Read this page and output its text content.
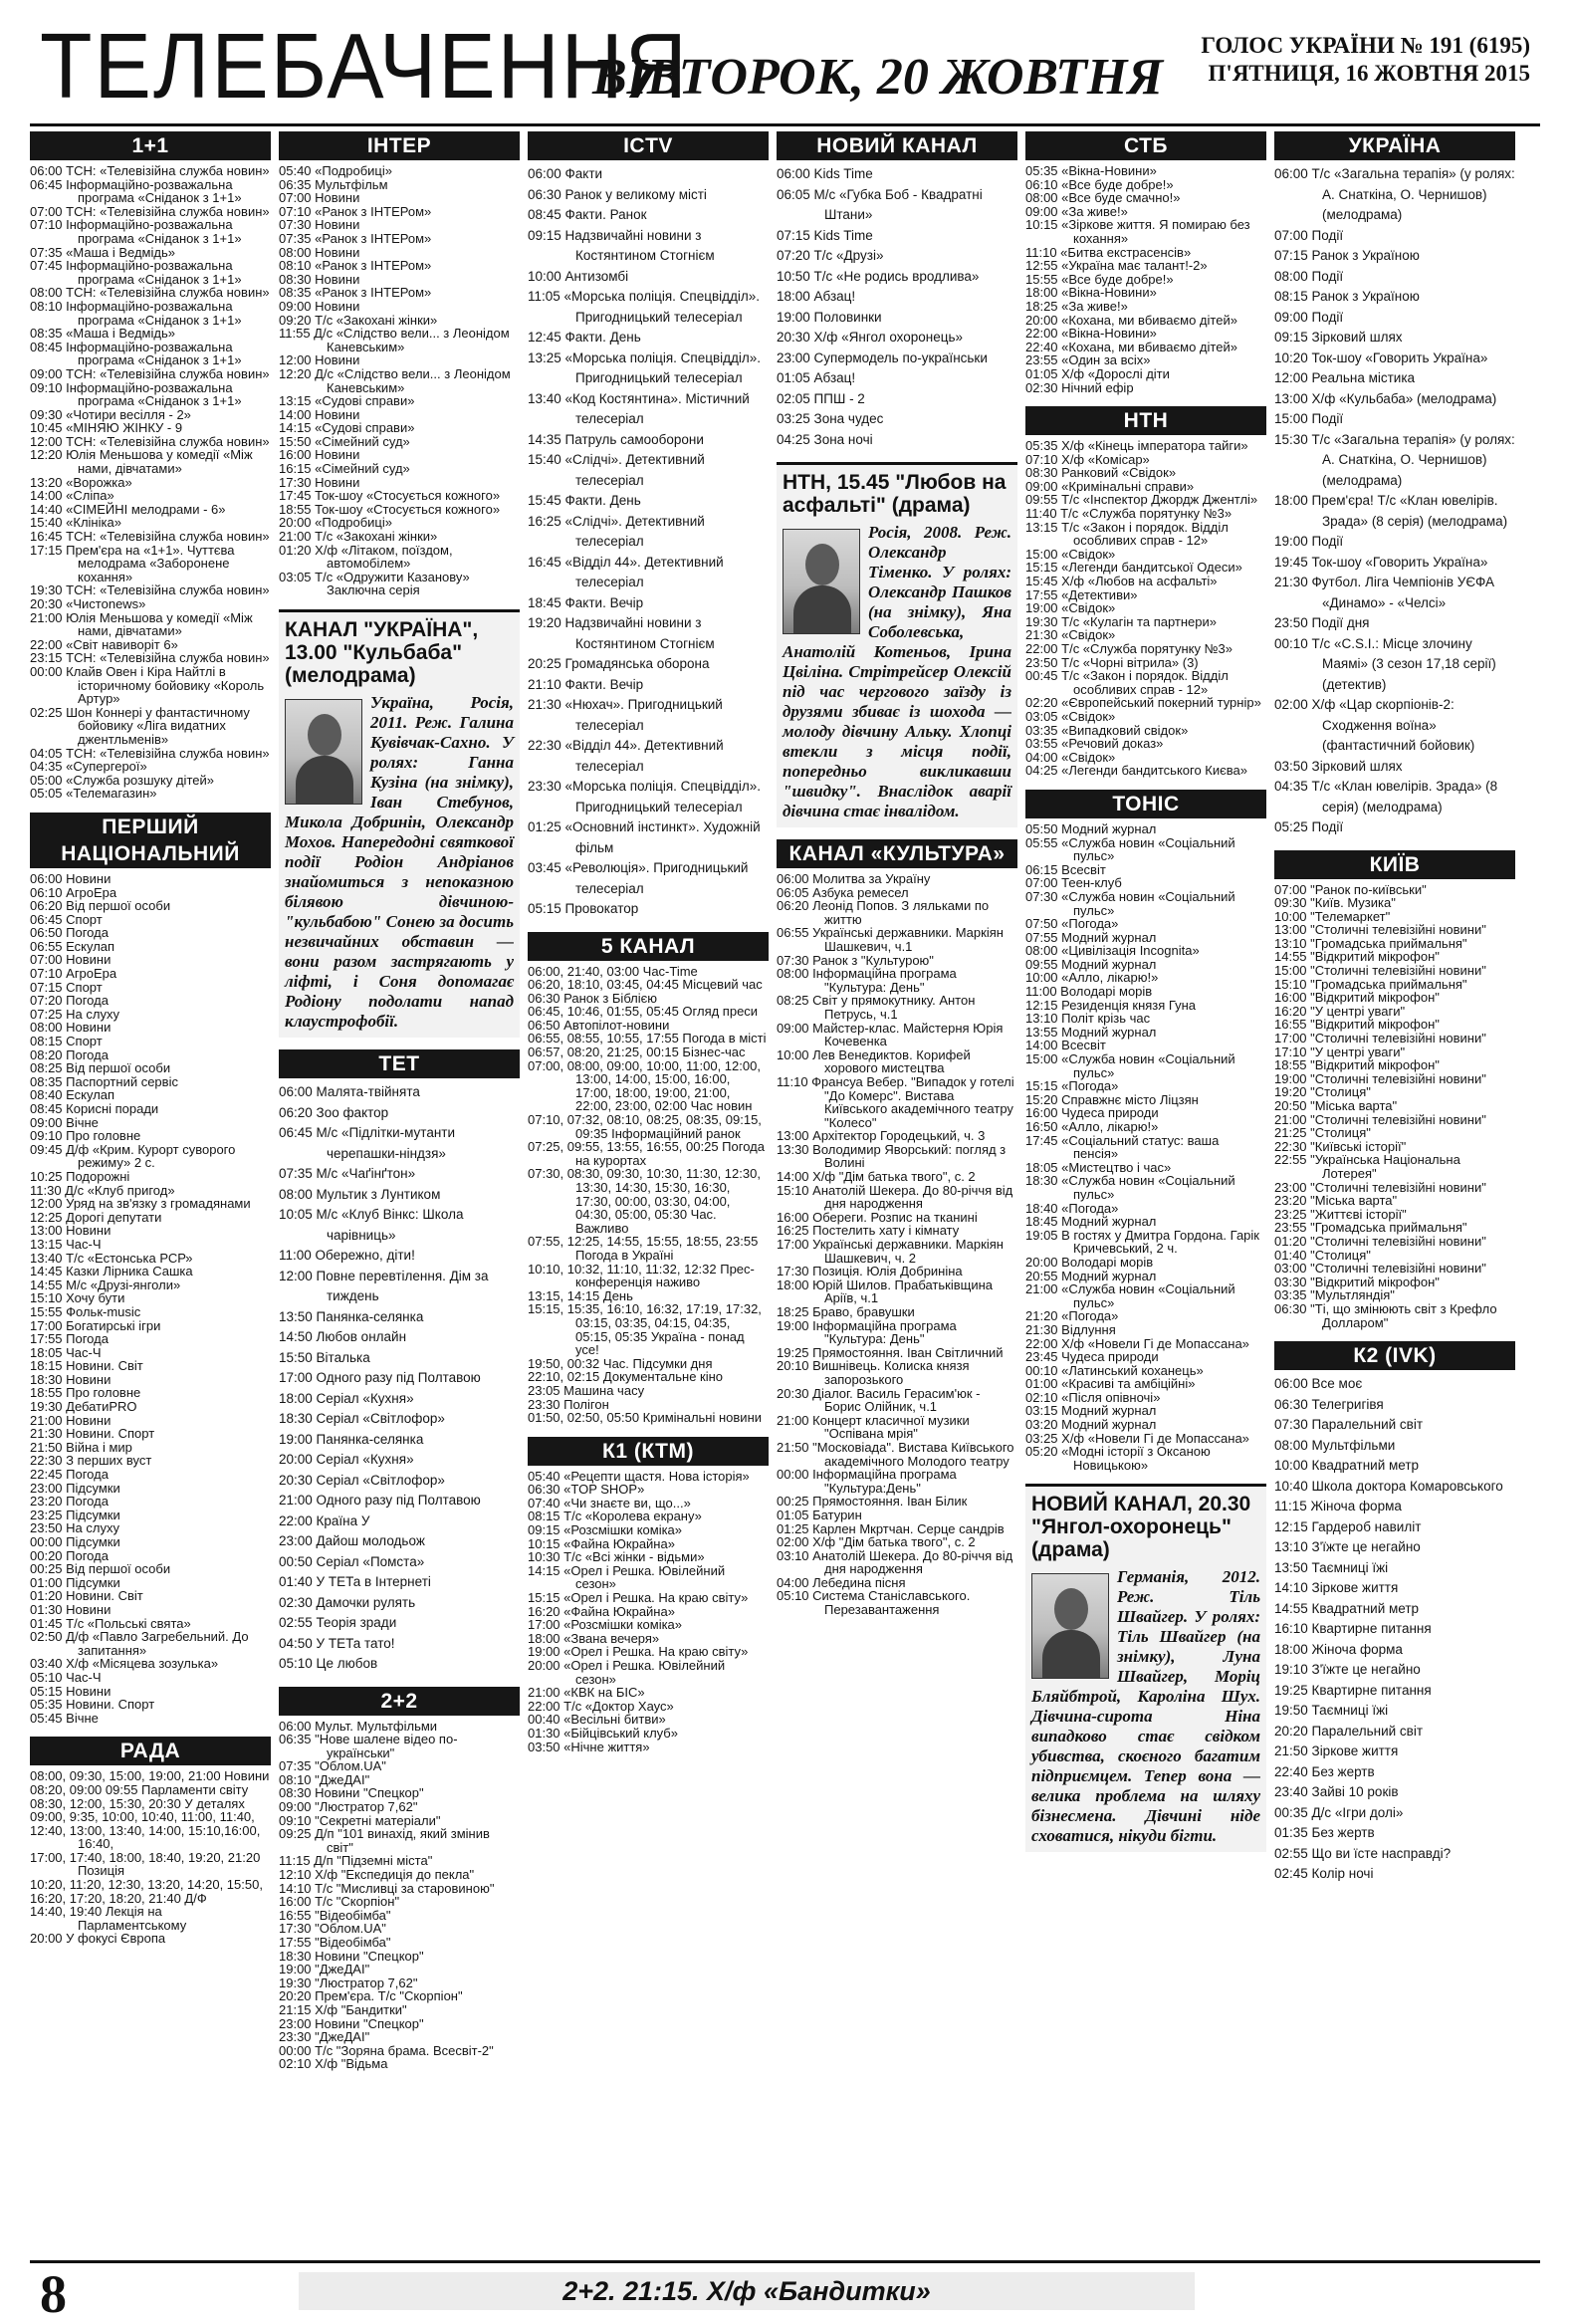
ТЕЛЕБАЧЕННЯ
ВІВТОРОК, 20 ЖОВТНЯ
ГОЛОС УКРАЇНИ № 191 (6195)
П'ЯТНИЦЯ, 16 ЖОВТНЯ 2015
1+1
06:00 ТСН: «Телевізійна служба новин»
06:45 Інформаційно-розважальна програма «Сніданок з 1+1»
07:00 ТСН: «Телевізійна служба новин»
07:10 Інформаційно-розважальна програма «Сніданок з 1+1»
07:35 «Маша і Ведмідь»
07:45 Інформаційно-розважальна програма «Сніданок з 1+1»
08:00 ТСН: «Телевізійна служба новин»
08:10 Інформаційно-розважальна програма «Сніданок з 1+1»
08:35 «Маша і Ведмідь»
08:45 Інформаційно-розважальна програма «Сніданок з 1+1»
09:00 ТСН: «Телевізійна служба новин»
09:10 Інформаційно-розважальна програма «Сніданок з 1+1»
09:30 «Чотири весілля - 2»
10:45 «МІНЯЮ ЖІНКУ - 9
12:00 ТСН: «Телевізійна служба новин»
12:20 Юлія Меньшова у комедії «Між нами, дівчатами»
13:20 «Ворожка»
14:00 «Сліпа»
14:40 «СІМЕЙНІ мелодрами - 6»
15:40 «Клініка»
16:45 ТСН: «Телевізійна служба новин»
17:15 Прем'єра на «1+1». Чуттєва мелодрама «Заборонене кохання»
19:30 ТСН: «Телевізійна служба новин»
20:30 «Чистоnews»
21:00 Юлія Меньшова у комедії «Між нами, дівчатами»
22:00 «Світ навиворіт 6»
23:15 ТСН: «Телевізійна служба новин»
00:00 Клайв Овен і Кіра Найтлі в історичному бойовику «Король Артур»
02:25 Шон Коннері у фантастичному бойовику «Ліга видатних джентльменів»
04:05 ТСН: «Телевізійна служба новин»
04:35 «Супергерої»
05:00 «Служба розшуку дітей»
05:05 «Телемагазин»
ПЕРШИЙ НАЦІОНАЛЬНИЙ
06:00 Новини
06:10 АгроЕра
06:20 Від першої особи
06:45 Спорт
06:50 Погода
06:55 Ескулап
07:00 Новини
07:10 АгроЕра
07:15 Спорт
07:20 Погода
07:25 На слуху
08:00 Новини
08:15 Спорт
08:20 Погода
08:25 Від першої особи
08:35 Паспортний сервіс
08:40 Ескулап
08:45 Корисні поради
09:00 Вічне
09:10 Про головне
09:45 Д/ф «Крим. Курорт суворого режиму» 2 с.
10:25 Подорожні
11:30 Д/с «Клуб пригод»
12:00 Уряд на зв'язку з громадянами
12:25 Дорогі депутати
13:00 Новини
13:15 Час-Ч
13:40 Т/с «Естонська РСР»
14:45 Казки Лірника Сашка
14:55 М/с «Друзі-янголи»
15:10 Хочу бути
15:55 Фольк-music
17:00 Богатирські ігри
17:55 Погода
18:05 Час-Ч
18:15 Новини. Світ
18:30 Новини
18:55 Про головне
19:30 ДебатиPRO
21:00 Новини
21:30 Новини. Спорт
21:50 Війна і мир
22:30 З перших вуст
22:45 Погода
23:00 Підсумки
23:20 Погода
23:25 Підсумки
23:50 На слуху
00:00 Підсумки
00:20 Погода
00:25 Від першої особи
01:00 Підсумки
01:20 Новини. Світ
01:30 Новини
01:45 Т/с «Польські свята»
02:50 Д/ф «Павло Загребельний. До запитання»
03:40 Х/ф «Місяцева зозулька»
05:10 Час-Ч
05:15 Новини
05:35 Новини. Спорт
05:45 Вічне
РАДА
08:00, 09:30, 15:00, 19:00, 21:00 Новини
08:20, 09:00 09:55 Парламенти світу
08:30, 12:00, 15:30, 20:30 У деталях
09:00, 9:35, 10:00, 10:40, 11:00, 11:40,
12:40, 13:00, 13:40, 14:00, 15:10,16:00, 16:40,
17:00, 17:40, 18:00, 18:40, 19:20, 21:20 Позиція
10:20, 11:20, 12:30, 13:20, 14:20, 15:50,
16:20, 17:20, 18:20, 21:40 Д/Ф
14:40, 19:40 Лекція на Парламентському
20:00 У фокусі Європа
ІНТЕР
05:40 «Подробиці»
06:35 Мультфільм
07:00 Новини
07:10 «Ранок з ІНТЕРом»
07:30 Новини
07:35 «Ранок з ІНТЕРом»
08:00 Новини
08:10 «Ранок з ІНТЕРом»
08:30 Новини
08:35 «Ранок з ІНТЕРом»
09:00 Новини
09:20 Т/с «Закохані жінки»
11:55 Д/с «Слідство вели... з Леонідом Каневським»
12:00 Новини
12:20 Д/с «Слідство вели... з Леонідом Каневським»
13:15 «Судові справи»
14:00 Новини
14:15 «Судові справи»
15:50 «Сімейний суд»
16:00 Новини
16:15 «Сімейний суд»
17:30 Новини
17:45 Ток-шоу «Стосується кожного»
18:55 Ток-шоу «Стосується кожного»
20:00 «Подробиці»
21:00 Т/с «Закохані жінки»
01:20 Х/ф «Літаком, поїздом, автомобілем»
03:05 Т/с «Одружити Казанову» Заключна серія
КАНАЛ "УКРАЇНА", 13.00 "Кульбаба" (мелодрама)
Україна, Росія, 2011. Реж. Галина Кувівчак-Сахно. У ролях: Ганна Кузіна (на знімку), Іван Стебунов, Микола Добринін, Олександр Мохов. Напередодні святкової події Родіон Андріанов знайомиться з непоказною білявою дівчиною-"кульбабою" Сонею за досить незвичайних обставин — вони разом застрягають у ліфті, і Соня допомагає Родіону подолати напад клаустрофобії.
ТЕТ
06:00 Малята-твійнята
06:20 Зоо фактор
06:45 М/с «Підлітки-мутанти черепашки-ніндзя»
07:35 М/с «Чаґінґтон»
08:00 Мультик з Лунтиком
10:05 М/с «Клуб Вінкс: Школа чарівниць»
11:00 Обережно, діти!
12:00 Повне перевтілення. Дім за тиждень
13:50 Панянка-селянка
14:50 Любов онлайн
15:50 Віталька
17:00 Одного разу під Полтавою
18:00 Серіал «Кухня»
18:30 Серіал «Світлофор»
19:00 Панянка-селянка
20:00 Серіал «Кухня»
20:30 Серіал «Світлофор»
21:00 Одного разу під Полтавою
22:00 Країна У
23:00 Дайош молодьож
00:50 Серіал «Помста»
01:40 У ТЕТа в Інтернеті
02:30 Дамочки рулять
02:55 Теорія зради
04:50 У ТЕТа тато!
05:10 Це любов
2+2
06:00 Мульт. Мультфільми
06:35 "Нове шалене відео по-українськи"
07:35 "Облом.UA"
08:10 "ДжеДАІ"
08:30 Новини "Спецкор"
09:00 "Люстратор 7,62"
09:10 "Секретні матеріали"
09:25 Д/п "101 винахід, який змінив світ"
11:15 Д/п "Підземні міста"
12:10 Х/ф "Експедиція до пекла"
14:10 Т/с "Мисливці за старовиною"
16:00 Т/с "Скорпіон"
16:55 "Відеобімба"
17:30 "Облом.UA"
17:55 "Відеобімба"
18:30 Новини "Спецкор"
19:00 "ДжеДАІ"
19:30 "Люстратор 7,62"
20:20 Прем'єра. Т/с "Скорпіон"
21:15 Х/ф "Бандитки"
23:00 Новини "Спецкор"
23:30 "ДжеДАІ"
00:00 Т/с "Зоряна брама. Всесвіт-2"
02:10 Х/ф "Відьма
ICTV
06:00 Факти
06:30 Ранок у великому місті
08:45 Факти. Ранок
09:15 Надзвичайні новини з Костянтином Стогнієм
10:00 Антизомбі
11:05 «Морська поліція. Спецвідділ». Пригодницький телесеріал
12:45 Факти. День
13:25 «Морська поліція. Спецвідділ». Пригодницький телесеріал
13:40 «Код Костянтина». Містичний телесеріал
14:35 Патруль самооборони
15:40 «Слідчі». Детективний телесеріал
15:45 Факти. День
16:25 «Слідчі». Детективний телесеріал
16:45 «Відділ 44». Детективний телесеріал
18:45 Факти. Вечір
19:20 Надзвичайні новини з Костянтином Стогнієм
20:25 Громадянська оборона
21:10 Факти. Вечір
21:30 «Нюхач». Пригодницький телесеріал
22:30 «Відділ 44». Детективний телесеріал
23:30 «Морська поліція. Спецвідділ». Пригодницький телесеріал
01:25 «Основний інстинкт». Художній фільм
03:45 «Революція». Пригодницький телесеріал
05:15 Провокатор
5 КАНАЛ
06:00, 21:40, 03:00 Час-Time
06:20, 18:10, 03:45, 04:45 Місцевий час
06:30 Ранок з Біблією
06:45, 10:46, 01:55, 05:45 Огляд преси
06:50 Автопілот-новини
06:55, 08:55, 10:55, 17:55 Погода в місті
06:57, 08:20, 21:25, 00:15 Бізнес-час
07:00, 08:00, 09:00, 10:00, 11:00, 12:00, 13:00, 14:00, 15:00, 16:00, 17:00, 18:00, 19:00, 21:00, 22:00, 23:00, 02:00 Час новин
07:10, 07:32, 08:10, 08:25, 08:35, 09:15, 09:35 Інформаційний ранок
07:25, 09:55, 13:55, 16:55, 00:25 Погода на курортах
07:30, 08:30, 09:30, 10:30, 11:30, 12:30, 13:30, 14:30, 15:30, 16:30, 17:30, 00:00, 03:30, 04:00, 04:30, 05:00, 05:30 Час. Важливо
07:55, 12:25, 14:55, 15:55, 18:55, 23:55 Погода в Україні
10:10, 10:32, 11:10, 11:32, 12:32 Прес-конференція наживо
13:15, 14:15 День
15:15, 15:35, 16:10, 16:32, 17:19, 17:32, 03:15, 03:35, 04:15, 04:35, 05:15, 05:35 Україна - понад усе!
19:50, 00:32 Час. Підсумки дня
22:10, 02:15 Документальне кіно
23:05 Машина часу
23:30 Полігон
01:50, 02:50, 05:50 Кримінальні новини
К1 (КТМ)
05:40 «Рецепти щастя. Нова історія»
06:30 «TOP SHOP»
07:40 «Чи знаєте ви, що...»
08:15 Т/с «Королева екрану»
09:15 «Розсмішки коміка»
10:15 «Файна Юкрайна»
10:30 Т/с «Всі жінки - відьми»
14:15 «Орел і Решка. Ювілейний сезон»
15:15 «Орел і Решка. На краю світу»
16:20 «Файна Юкрайна»
17:00 «Розсмішки коміка»
18:00 «Звана вечеря»
19:00 «Орел і Решка. На краю світу»
20:00 «Орел і Решка. Ювілейний сезон»
21:00 «КВК на БІС»
22:00 Т/с «Доктор Хаус»
00:40 «Весільні битви»
01:30 «Бійцівський клуб»
03:50 «Нічне життя»
НОВИЙ КАНАЛ
06:00 Kids Time
06:05 М/с «Губка Боб - Квадратні Штани»
07:15 Kids Time
07:20 Т/с «Друзі»
10:50 Т/с «Не родись вродлива»
18:00 Абзац!
19:00 Половинки
20:30 Х/ф «Янгол охоронець»
23:00 Супермодель по-українськи
01:05 Абзац!
02:05 ППШ - 2
03:25 Зона чудес
04:25 Зона ночі
НТН, 15.45 "Любов на асфальті" (драма)
Росія, 2008. Реж. Олександр Тіменко. У ролях: Олександр Пашков (на знімку), Яна Соболевська, Анатолій Котеньов, Ірина Цвіліна. Стрітрейсер Олексій під час чергового заїзду із друзями збиває із шохода — молоду дівчину Альку. Хлопці втекли з місця події, попередньо викликавши "швидку". Внаслідок аварії дівчина стає інвалідом.
КАНАЛ «КУЛЬТУРА»
06:00 Молитва за Україну
06:05 Азбука ремесел
06:20 Леонід Попов. З ляльками по життю
06:55 Українські державники. Маркіян Шашкевич, ч.1
07:30 Ранок з "Культурою"
08:00 Інформаційна програма "Культура: День"
08:25 Світ у прямокутнику. Антон Петрусь, ч.1
09:00 Майстер-клас. Майстерня Юрія Кочевенка
10:00 Лев Венедиктов. Корифей хорового мистецтва
11:10 Франсуа Вебер. "Випадок у готелі "До Комерс". Вистава Київського академічного театру "Колесо"
13:00 Архітектор Городецький, ч. 3
13:30 Володимир Яворський: погляд з Волині
14:00 Х/ф "Дім батька твого", с. 2
15:10 Анатолій Шекера. До 80-річчя від дня народження
16:00 Обереги. Розпис на тканині
16:25 Постелить хату і кімнату
17:00 Українські державники. Маркіян Шашкевич, ч. 2
17:30 Позиція. Юлія Добриніна
18:00 Юрій Шилов. Прабатьківщина Аріїв, ч.1
18:25 Браво, бравушки
19:00 Інформаційна програма "Культура: День"
19:25 Прямостояння. Іван Світличний
20:10 Вишнівець. Колиска князя запорозького
20:30 Діалог. Василь Герасим'юк - Борис Олійник, ч.1
21:00 Концерт класичної музики "Оспівана мрія"
21:50 "Московіада". Вистава Київського академічного Молодого театру
00:00 Інформаційна програма "Культура:День"
00:25 Прямостояння. Іван Білик
01:05 Батурин
01:25 Карлен Мкртчан. Серце сандрів
02:00 Х/ф "Дім батька твого", с. 2
03:10 Анатолій Шекера. До 80-річчя від дня народження
04:00 Лебедина пісня
05:10 Система Станіславського. Перезавантаження
СТБ
05:35 «Вікна-Новини»
06:10 «Все буде добре!»
08:00 «Все буде смачно!»
09:00 «За живе!»
10:15 «Зіркове життя. Я помираю без кохання»
11:10 «Битва екстрасенсів»
12:55 «Україна має талант!-2»
15:55 «Все буде добре!»
18:00 «Вікна-Новини»
18:25 «За живе!»
20:00 «Кохана, ми вбиваємо дітей»
22:00 «Вікна-Новини»
22:40 «Кохана, ми вбиваємо дітей»
23:55 «Один за всіх»
01:05 Х/ф «Дорослі діти
02:30 Нічний ефір
НТН
05:35 Х/ф «Кінець імператора тайги»
07:10 Х/ф «Комісар»
08:30 Ранковий «Свідок»
09:00 «Кримінальні справи»
09:55 Т/с «Інспектор Джордж Джентлі»
11:40 Т/с «Служба порятунку №3»
13:15 Т/с «Закон і порядок. Відділ особливих справ - 12»
15:00 «Свідок»
15:15 «Легенди бандитської Одеси»
15:45 Х/ф «Любов на асфальті»
17:55 «Детективи»
19:00 «Свідок»
19:30 Т/с «Кулагін та партнери»
21:30 «Свідок»
22:00 Т/с «Служба порятунку №3»
23:50 Т/с «Чорні вітрила» (3)
00:45 Т/с «Закон і порядок. Відділ особливих справ - 12»
02:20 «Європейський покерний турнір»
03:05 «Свідок»
03:35 «Випадковий свідок»
03:55 «Речовий доказ»
04:00 «Свідок»
04:25 «Легенди бандитського Києва»
ТОНІС
05:50 Модний журнал
05:55 «Служба новин «Соціальний пульс»
06:15 Всесвіт
07:00 Теен-клуб
07:30 «Служба новин «Соціальний пульс»
07:50 «Погода»
07:55 Модний журнал
08:00 «Цивілізація Incognita»
09:55 Модний журнал
10:00 «Алло, лікарю!»
11:00 Володарі морів
12:15 Резиденція князя Гуна
13:10 Політ крізь час
13:55 Модний журнал
14:00 Всесвіт
15:00 «Служба новин «Соціальний пульс»
15:15 «Погода»
15:20 Справжнє місто Ліцзян
16:00 Чудеса природи
16:50 «Алло, лікарю!»
17:45 «Соціальний статус: ваша пенсія»
18:05 «Мистецтво і час»
18:30 «Служба новин «Соціальний пульс»
18:40 «Погода»
18:45 Модний журнал
19:05 В гостях у Дмитра Гордона. Гарік Кричевський, 2 ч.
20:00 Володарі морів
20:55 Модний журнал
21:00 «Служба новин «Соціальний пульс»
21:20 «Погода»
21:30 Відлуння
22:00 Х/ф «Новели Гі де Мопассана»
23:45 Чудеса природи
00:10 «Латинський коханець»
01:00 «Красиві та амбіційні»
02:10 «Після опівночі»
03:15 Модний журнал
03:20 Модний журнал
03:25 Х/ф «Новели Гі де Мопассана»
05:20 «Модні історії з Оксаною Новицькою»
НОВИЙ КАНАЛ, 20.30 "Янгол-охоронець" (драма)
Германія, 2012. Реж. Тіль Швайгер. У ролях: Тіль Швайгер (на знімку), Луна Швайгер, Моріц Бляйбтрой, Кароліна Шух. Дівчина-сирота Ніна випадково стає свідком убивства, скоєного багатим підприємцем. Тепер вона — велика проблема на шляху бізнесмена. Дівчині ніде сховатися, нікуди бігти.
УКРАЇНА
06:00 Т/с «Загальна терапія» (у ролях: А. Снаткіна, О. Чернишов) (мелодрама)
07:00 Події
07:15 Ранок з Україною
08:00 Події
08:15 Ранок з Україною
09:00 Події
09:15 Зірковий шлях
10:20 Ток-шоу «Говорить Україна»
12:00 Реальна містика
13:00 Х/ф «Кульбаба» (мелодрама)
15:00 Події
15:30 Т/с «Загальна терапія» (у ролях: А. Снаткіна, О. Чернишов) (мелодрама)
18:00 Прем'єра! Т/с «Клан ювелірів. Зрада» (8 серія) (мелодрама)
19:00 Події
19:45 Ток-шоу «Говорить Україна»
21:30 Футбол. Ліга Чемпіонів УЄФА «Динамо» - «Челсі»
23:50 Події дня
00:10 Т/с «C.S.I.: Місце злочину Маямі» (3 сезон 17,18 серії) (детектив)
02:00 Х/ф «Цар скорпіонів-2: Сходження воїна» (фантастичний бойовик)
03:50 Зірковий шлях
04:35 Т/с «Клан ювелірів. Зрада» (8 серія) (мелодрама)
05:25 Події
КИЇВ
07:00 "Ранок по-київськи"
09:30 "Київ. Музика"
10:00 "Телемаркет"
13:00 "Столичні телевізійні новини"
13:10 "Громадська приймальня"
14:55 "Відкритий мікрофон"
15:00 "Столичні телевізійні новини"
15:10 "Громадська приймальня"
16:00 "Відкритий мікрофон"
16:20 "У центрі уваги"
16:55 "Відкритий мікрофон"
17:00 "Столичні телевізійні новини"
17:10 "У центрі уваги"
18:55 "Відкритий мікрофон"
19:00 "Столичні телевізійні новини"
19:20 "Столиця"
20:50 "Міська варта"
21:00 "Столичні телевізійні новини"
21:25 "Столиця"
22:30 "Київські історії"
22:55 "Українська Національна Лотерея"
23:00 "Столичні телевізійні новини"
23:20 "Міська варта"
23:25 "Життєві історії"
23:55 "Громадська приймальня"
01:20 "Столичні телевізійні новини"
01:40 "Столиця"
03:00 "Столичні телевізійні новини"
03:30 "Відкритий мікрофон"
03:35 "Мультляндія"
06:30 "Ті, що змінюють світ з Крефло Долларом"
К2 (IVK)
06:00 Все моє
06:30 Телегригівя
07:30 Паралельний світ
08:00 Мультфільми
10:00 Квадратний метр
10:40 Школа доктора Комаровського
11:15 Жіноча форма
12:15 Гардероб навиліт
13:10 З'їжте це негайно
13:50 Таємниці їжі
14:10 Зіркове життя
14:55 Квадратний метр
16:10 Квартирне питання
18:00 Жіноча форма
19:10 З'їжте це негайно
19:25 Квартирне питання
19:50 Таємниці їжі
20:20 Паралельний світ
21:50 Зіркове життя
22:40 Без жертв
23:40 Зайві 10 років
00:35 Д/с «Ігри долі»
01:35 Без жертв
02:55 Що ви їсте насправді?
02:45 Колір ночі
8	2+2. 21:15. Х/ф «Бандитки»
